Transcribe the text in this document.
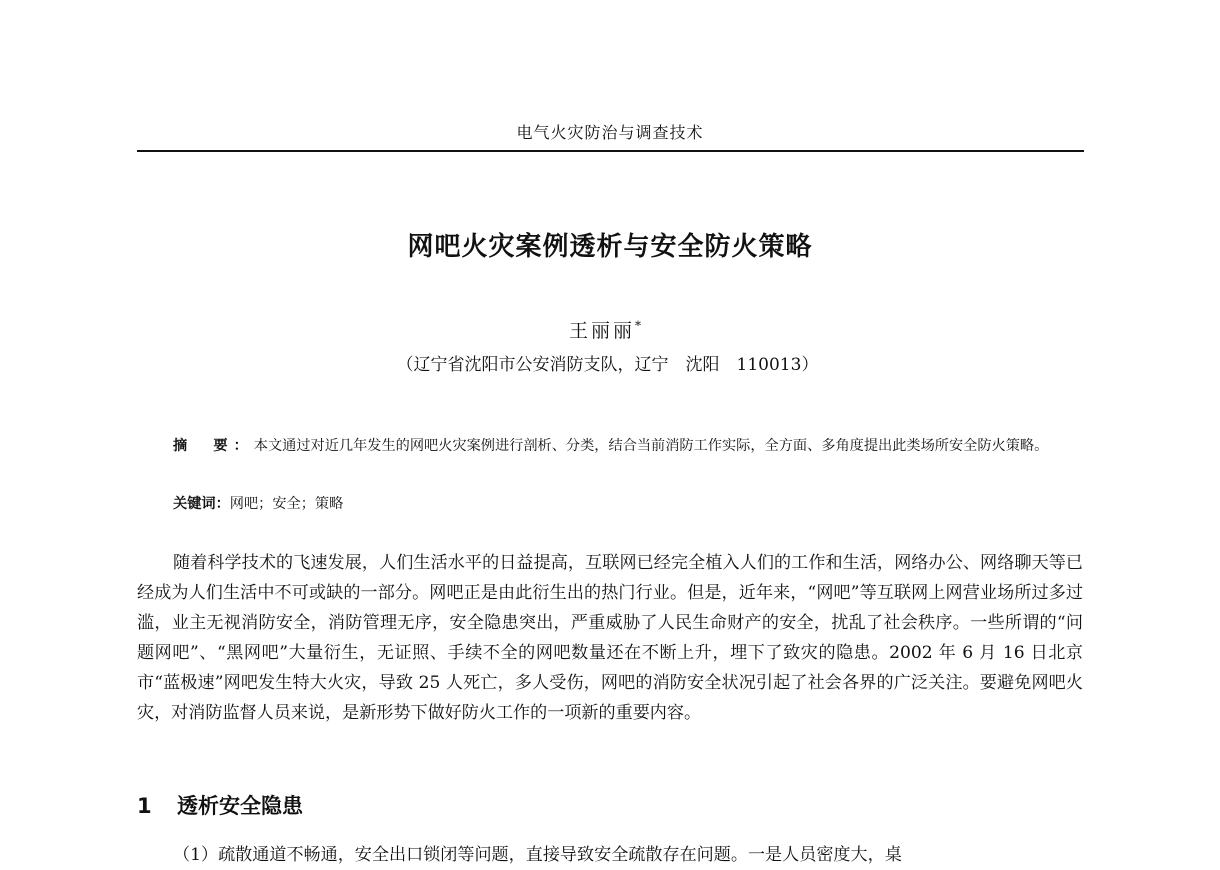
电气火灾防治与调查技术
网吧火灾案例透析与安全防火策略
王丽丽*
（辽宁省沈阳市公安消防支队，辽宁　沈阳　110013）
摘　要：本文通过对近几年发生的网吧火灾案例进行剖析、分类，结合当前消防工作实际，全方面、多角度提出此类场所安全防火策略。
关键词：网吧；安全；策略

随着科学技术的飞速发展，人们生活水平的日益提高，互联网已经完全植入人们的工作和生活，网络办公、网络聊天等已经成为人们生活中不可或缺的一部分。网吧正是由此衍生出的热门行业。但是，近年来，“网吧”等互联网上网营业场所过多过滥，业主无视消防安全，消防管理无序，安全隐患突出，严重威胁了人民生命财产的安全，扰乱了社会秩序。一些所谓的“问题网吧”、“黑网吧”大量衍生，无证照、手续不全的网吧数量还在不断上升，埋下了致灾的隐患。2002 年 6 月 16 日北京市“蓝极速”网吧发生特大火灾，导致 25 人死亡，多人受伤，网吧的消防安全状况引起了社会各界的广泛关注。要避免网吧火灾，对消防监督人员来说，是新形势下做好防火工作的一项新的重要内容。

1 透析安全隐患
（1）疏散通道不畅通，安全出口锁闭等问题，直接导致安全疏散存在问题。一是人员密度大，桌
